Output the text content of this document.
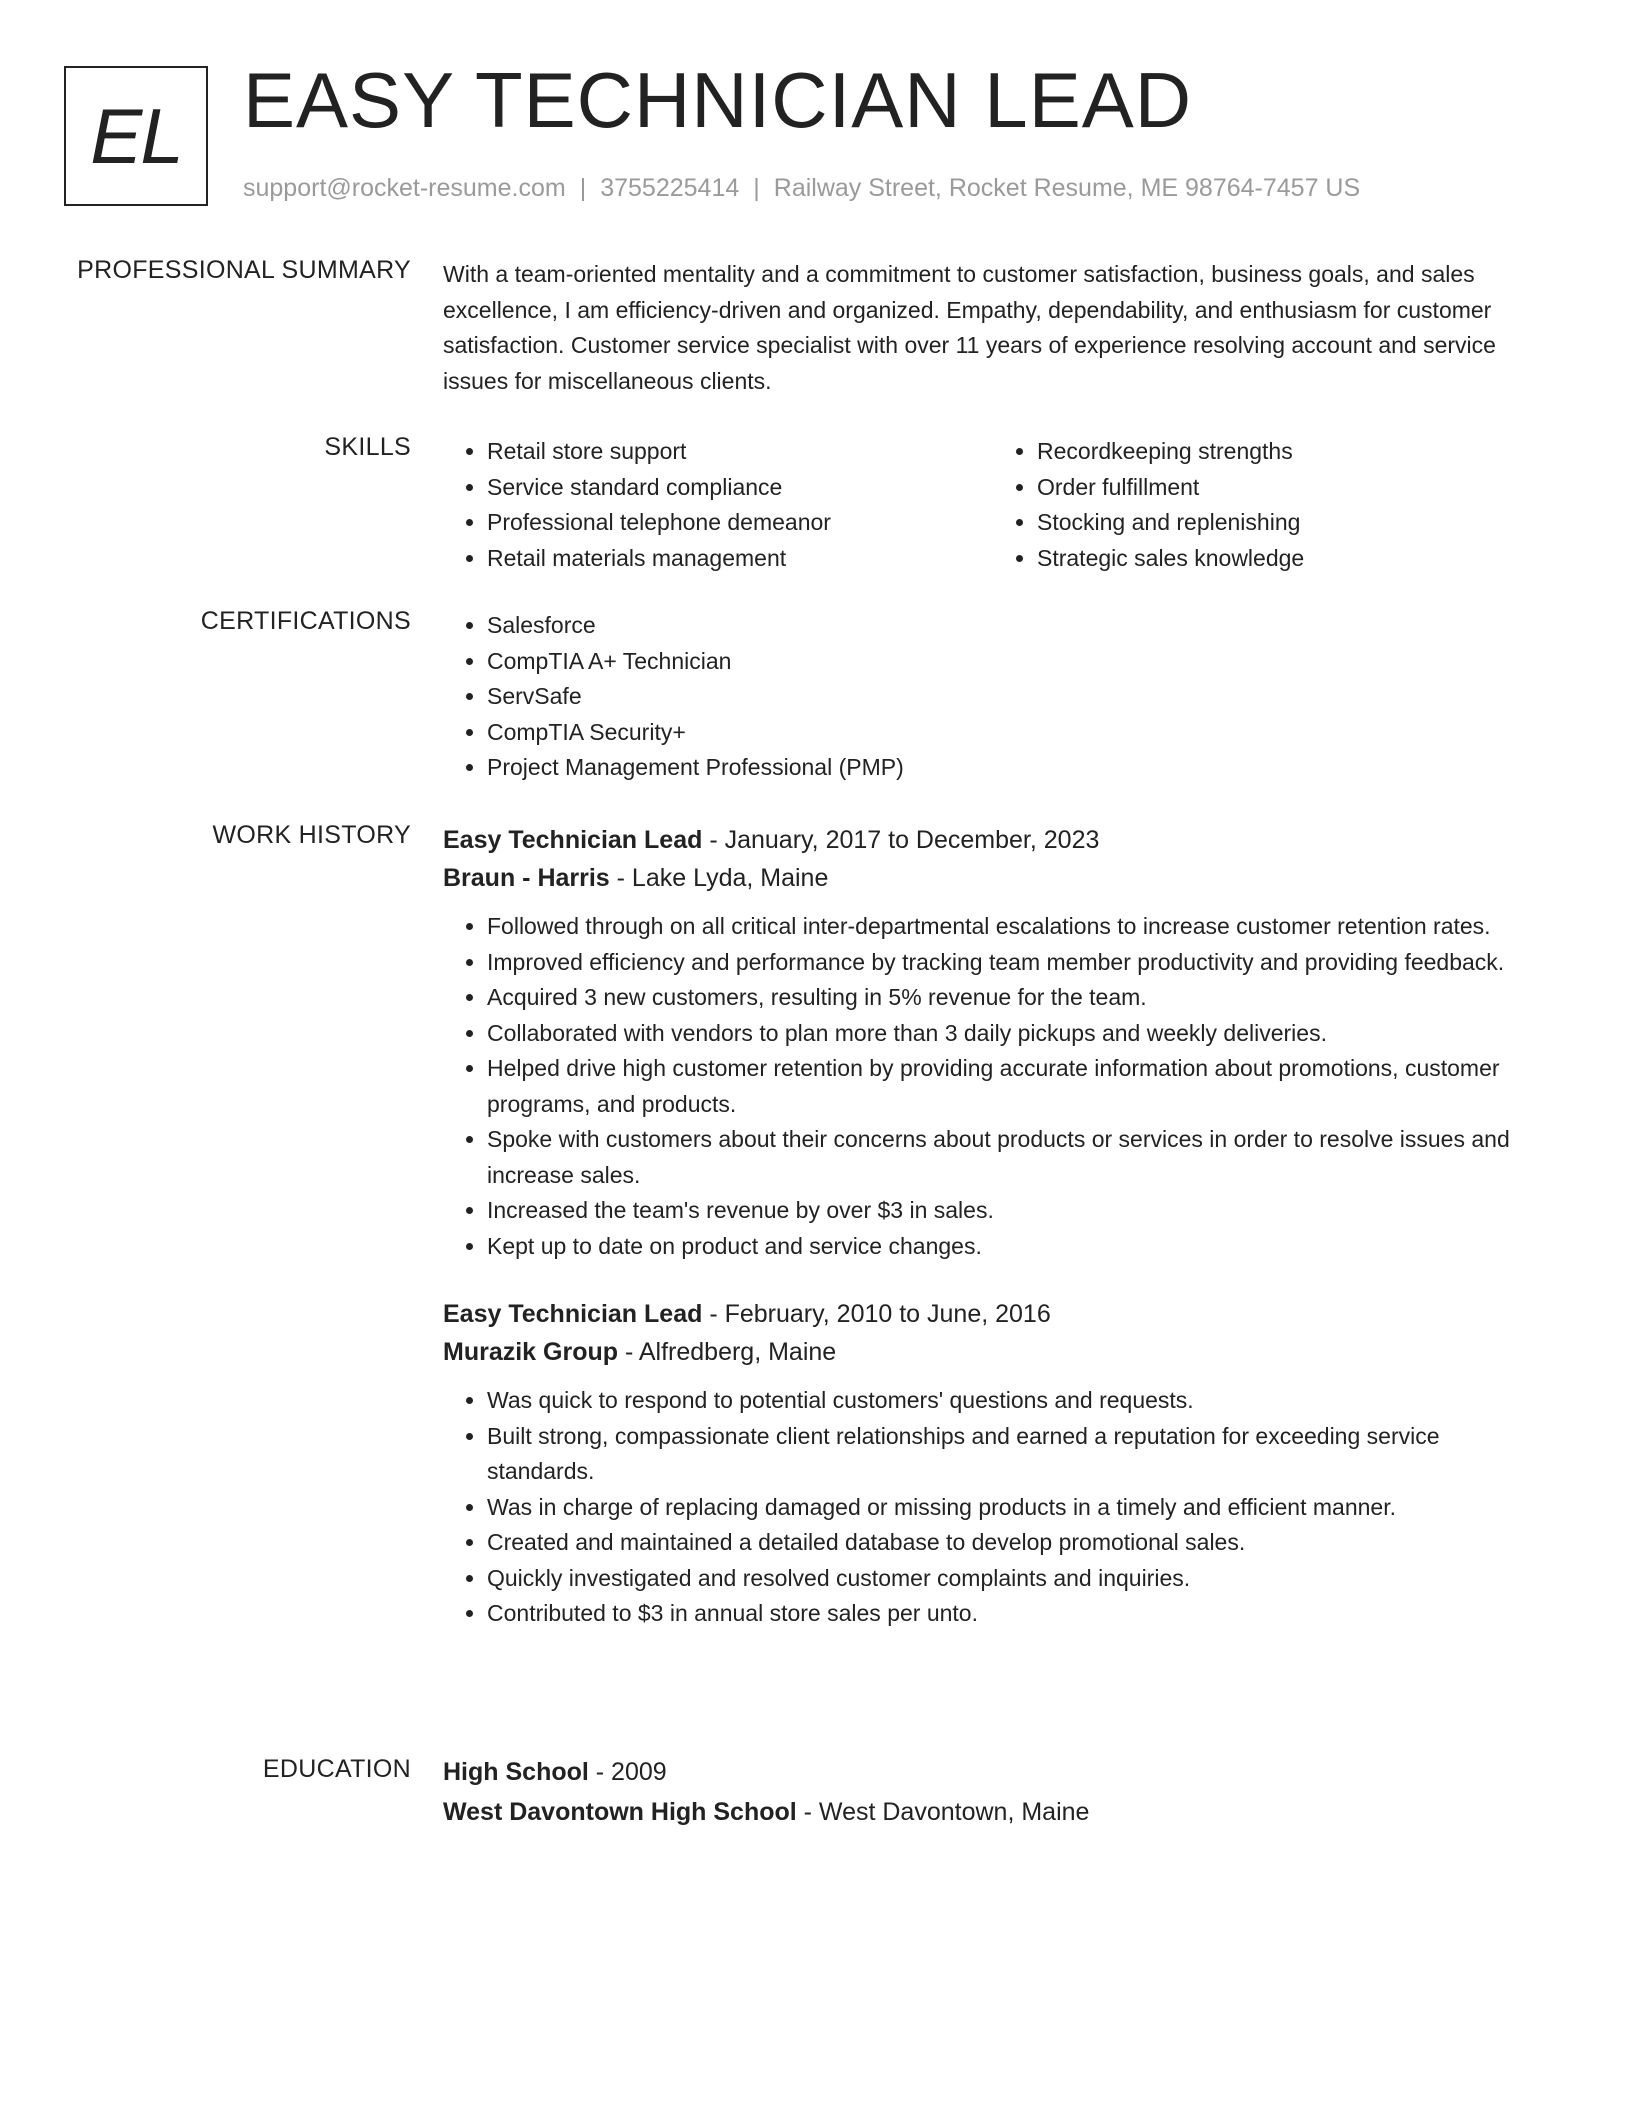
EL EASY TECHNICIAN LEAD
support@rocket-resume.com | 3755225414 | Railway Street, Rocket Resume, ME 98764-7457 US
PROFESSIONAL SUMMARY With a team-oriented mentality and a commitment to customer satisfaction, business goals, and sales excellence, I am efficiency-driven and organized. Empathy, dependability, and enthusiasm for customer satisfaction. Customer service specialist with over 11 years of experience resolving account and service issues for miscellaneous clients.

SKILLS	• Retail store support
• Service standard compliance
• Professional telephone demeanor
• Retail materials management
• Recordkeeping strengths
• Order fulfillment
• Stocking and replenishing
• Strategic sales knowledge
CERTIFICATIONS	• Salesforce
• CompTIA A+ Technician
• ServSafe
• CompTIA Security+
• Project Management Professional (PMP)
WORK HISTORY Easy Technician Lead - January, 2017 to December, 2023
Braun - Harris - Lake Lyda, Maine
• Followed through on all critical inter-departmental escalations to increase customer retention rates.
• Improved efficiency and performance by tracking team member productivity and providing feedback.
• Acquired 3 new customers, resulting in 5% revenue for the team.
• Collaborated with vendors to plan more than 3 daily pickups and weekly deliveries.
• Helped drive high customer retention by providing accurate information about promotions, customer programs, and products.
• Spoke with customers about their concerns about products or services in order to resolve issues and increase sales.
• Increased the team's revenue by over $3 in sales.
• Kept up to date on product and service changes.
Easy Technician Lead - February, 2010 to June, 2016
Murazik Group - Alfredberg, Maine
• Was quick to respond to potential customers' questions and requests.
• Built strong, compassionate client relationships and earned a reputation for exceeding service standards.
• Was in charge of replacing damaged or missing products in a timely and efficient manner.
• Created and maintained a detailed database to develop promotional sales.
• Quickly investigated and resolved customer complaints and inquiries.
• Contributed to $3 in annual store sales per unto.
EDUCATION High School - 2009
West Davontown High School - West Davontown, Maine
